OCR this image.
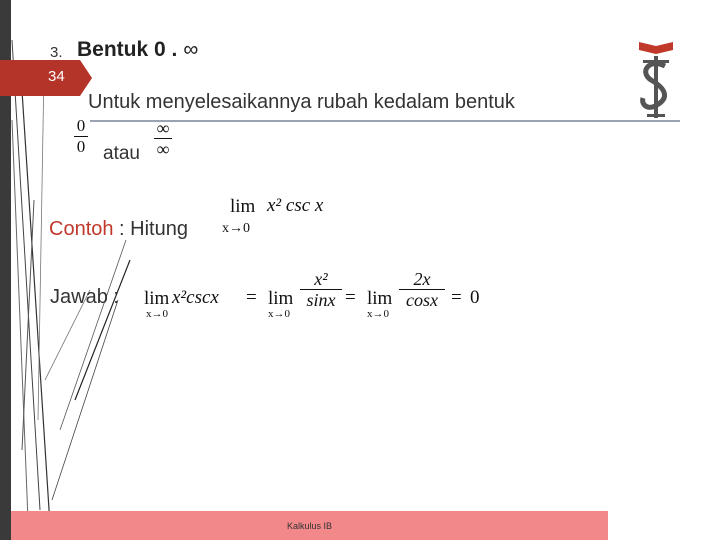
34
3. Bentuk 0 . ∞
Untuk menyelesaikannya rubah kedalam bentuk
0
0 atau
∞
∞
Contoh : Hitung
lim
x→0
x² csc x
Jawab : lim
x→0
x²cscx = lim
x→0
x²
sinx = lim
x→0
2x
cosx = 0
Kalkulus IB
